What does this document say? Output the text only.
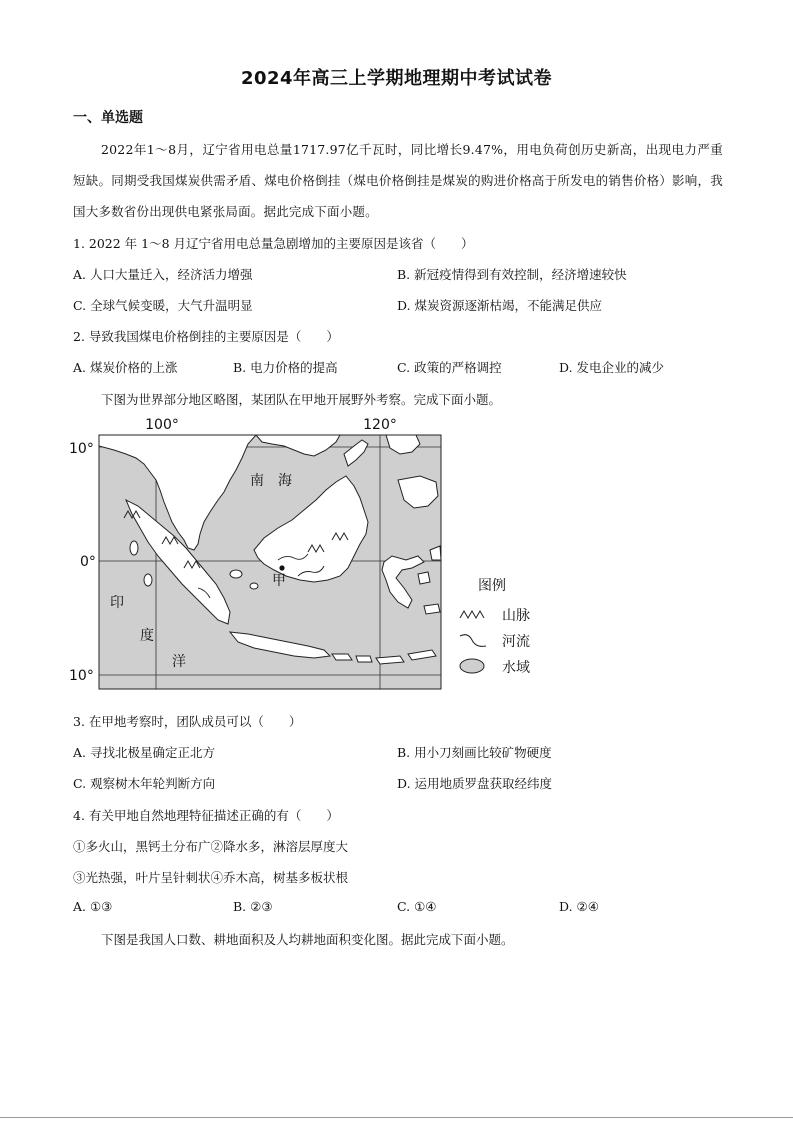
2024年高三上学期地理期中考试试卷
一、单选题
2022年1～8月，辽宁省用电总量1717.97亿千瓦时，同比增长9.47%，用电负荷创历史新高，出现电力严重短缺。同期受我国煤炭供需矛盾、煤电价格倒挂（煤电价格倒挂是煤炭的购进价格高于所发电的销售价格）影响，我国大多数省份出现供电紧张局面。据此完成下面小题。
1. 2022 年 1～8 月辽宁省用电总量急剧增加的主要原因是该省（　　）
A. 人口大量迁入，经济活力增强	B. 新冠疫情得到有效控制，经济增速较快
C. 全球气候变暖，大气升温明显	D. 煤炭资源逐渐枯竭，不能满足供应
2. 导致我国煤电价格倒挂的主要原因是（　　）
A. 煤炭价格的上涨	B. 电力价格的提高	C. 政策的严格调控	D. 发电企业的减少
下图为世界部分地区略图，某团队在甲地开展野外考察。完成下面小题。
100°	120°
10°
0°
10°
南　海
印
度
洋
甲	图例
山脉
河流
水域
3. 在甲地考察时，团队成员可以（　　）
A. 寻找北极星确定正北方	B. 用小刀刻画比较矿物硬度
C. 观察树木年轮判断方向	D. 运用地质罗盘获取经纬度
4. 有关甲地自然地理特征描述正确的有（　　）
①多火山，黑钙土分布广②降水多，淋溶层厚度大
③光热强，叶片呈针刺状④乔木高，树基多板状根
A. ①③	B. ②③	C. ①④	D. ②④
下图是我国人口数、耕地面积及人均耕地面积变化图。据此完成下面小题。
